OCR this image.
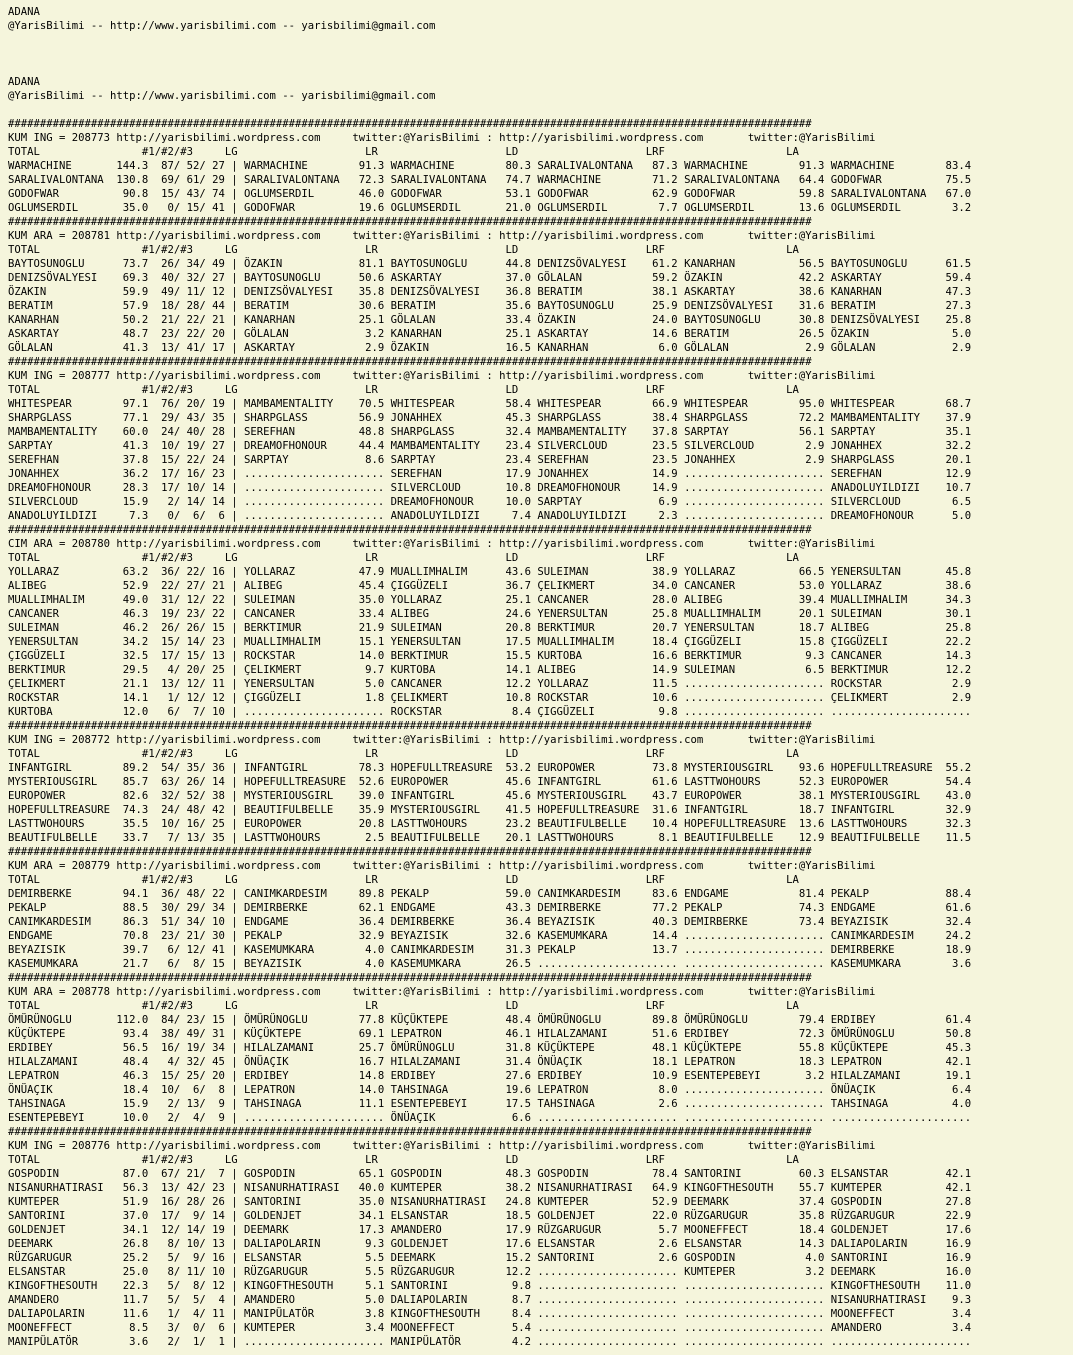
ADANA
@YarisBilimi -- http://www.yarisbilimi.com -- yarisbilimi@gmail.com

ADANA
@YarisBilimi -- http://www.yarisbilimi.com -- yarisbilimi@gmail.com

##############################################################################################################################
KUM ING = 208773 http://yarisbilimi.wordpress.com     twitter:@YarisBilimi : http://yarisbilimi.wordpress.com       twitter:@YarisBilimi
TOTAL                #1/#2/#3     LG                    LR                    LD                    LRF                   LA
WARMACHINE       144.3  87/ 52/ 27 | WARMACHINE        91.3 WARMACHINE        80.3 SARALIVALONTANA   87.3 WARMACHINE        91.3 WARMACHINE        83.4
SARALIVALONTANA  130.8  69/ 61/ 29 | SARALIVALONTANA   72.3 SARALIVALONTANA   74.7 WARMACHINE        71.2 SARALIVALONTANA   64.4 GODOFWAR          75.5
GODOFWAR          90.8  15/ 43/ 74 | OGLUMSERDIL       46.0 GODOFWAR          53.1 GODOFWAR          62.9 GODOFWAR          59.8 SARALIVALONTANA   67.0
OGLUMSERDIL       35.0   0/ 15/ 41 | GODOFWAR          19.6 OGLUMSERDIL       21.0 OGLUMSERDIL        7.7 OGLUMSERDIL       13.6 OGLUMSERDIL        3.2
##############################################################################################################################
KUM ARA = 208781 http://yarisbilimi.wordpress.com     twitter:@YarisBilimi : http://yarisbilimi.wordpress.com       twitter:@YarisBilimi
TOTAL                #1/#2/#3     LG                    LR                    LD                    LRF                   LA
BAYTOSUNOGLU      73.7  26/ 34/ 49 | ÖZAKIN            81.1 BAYTOSUNOGLU      44.8 DENIZSÖVALYESI    61.2 KANARHAN          56.5 BAYTOSUNOGLU      61.5
DENIZSÖVALYESI    69.3  40/ 32/ 27 | BAYTOSUNOGLU      50.6 ASKARTAY          37.0 GÖLALAN           59.2 ÖZAKIN            42.2 ASKARTAY          59.4
ÖZAKIN            59.9  49/ 11/ 12 | DENIZSÖVALYESI    35.8 DENIZSÖVALYESI    36.8 BERATIM           38.1 ASKARTAY          38.6 KANARHAN          47.3
BERATIM           57.9  18/ 28/ 44 | BERATIM           30.6 BERATIM           35.6 BAYTOSUNOGLU      25.9 DENIZSÖVALYESI    31.6 BERATIM           27.3
KANARHAN          50.2  21/ 22/ 21 | KANARHAN          25.1 GÖLALAN           33.4 ÖZAKIN            24.0 BAYTOSUNOGLU      30.8 DENIZSÖVALYESI    25.8
ASKARTAY          48.7  23/ 22/ 20 | GÖLALAN            3.2 KANARHAN          25.1 ASKARTAY          14.6 BERATIM           26.5 ÖZAKIN             5.0
GÖLALAN           41.3  13/ 41/ 17 | ASKARTAY           2.9 ÖZAKIN            16.5 KANARHAN           6.0 GÖLALAN            2.9 GÖLALAN            2.9
##############################################################################################################################
KUM ING = 208777 http://yarisbilimi.wordpress.com     twitter:@YarisBilimi : http://yarisbilimi.wordpress.com       twitter:@YarisBilimi
TOTAL                #1/#2/#3     LG                    LR                    LD                    LRF                   LA
WHITESPEAR        97.1  76/ 20/ 19 | MAMBAMENTALITY    70.5 WHITESPEAR        58.4 WHITESPEAR        66.9 WHITESPEAR        95.0 WHITESPEAR        68.7
SHARPGLASS        77.1  29/ 43/ 35 | SHARPGLASS        56.9 JONAHHEX          45.3 SHARPGLASS        38.4 SHARPGLASS        72.2 MAMBAMENTALITY    37.9
MAMBAMENTALITY    60.0  24/ 40/ 28 | SEREFHAN          48.8 SHARPGLASS        32.4 MAMBAMENTALITY    37.8 SARPTAY           56.1 SARPTAY           35.1
SARPTAY           41.3  10/ 19/ 27 | DREAMOFHONOUR     44.4 MAMBAMENTALITY    23.4 SILVERCLOUD       23.5 SILVERCLOUD        2.9 JONAHHEX          32.2
SEREFHAN          37.8  15/ 22/ 24 | SARPTAY            8.6 SARPTAY           23.4 SEREFHAN          23.5 JONAHHEX           2.9 SHARPGLASS        20.1
JONAHHEX          36.2  17/ 16/ 23 | ...................... SEREFHAN          17.9 JONAHHEX          14.9 ...................... SEREFHAN          12.9
DREAMOFHONOUR     28.3  17/ 10/ 14 | ...................... SILVERCLOUD       10.8 DREAMOFHONOUR     14.9 ...................... ANADOLUYILDIZI    10.7
SILVERCLOUD       15.9   2/ 14/ 14 | ...................... DREAMOFHONOUR     10.0 SARPTAY            6.9 ...................... SILVERCLOUD        6.5
ANADOLUYILDIZI     7.3   0/  6/  6 | ...................... ANADOLUYILDIZI     7.4 ANADOLUYILDIZI     2.3 ...................... DREAMOFHONOUR      5.0
##############################################################################################################################
CIM ARA = 208780 http://yarisbilimi.wordpress.com     twitter:@YarisBilimi : http://yarisbilimi.wordpress.com       twitter:@YarisBilimi
TOTAL                #1/#2/#3     LG                    LR                    LD                    LRF                   LA
YOLLARAZ          63.2  36/ 22/ 16 | YOLLARAZ          47.9 MUALLIMHALIM      43.6 SULEIMAN          38.9 YOLLARAZ          66.5 YENERSULTAN       45.8
ALIBEG            52.9  22/ 27/ 21 | ALIBEG            45.4 ÇIGGÜZELI         36.7 ÇELIKMERT         34.0 CANCANER          53.0 YOLLARAZ          38.6
MUALLIMHALIM      49.0  31/ 12/ 22 | SULEIMAN          35.0 YOLLARAZ          25.1 CANCANER          28.0 ALIBEG            39.4 MUALLIMHALIM      34.3
CANCANER          46.3  19/ 23/ 22 | CANCANER          33.4 ALIBEG            24.6 YENERSULTAN       25.8 MUALLIMHALIM      20.1 SULEIMAN          30.1
SULEIMAN          46.2  26/ 26/ 15 | BERKTIMUR         21.9 SULEIMAN          20.8 BERKTIMUR         20.7 YENERSULTAN       18.7 ALIBEG            25.8
YENERSULTAN       34.2  15/ 14/ 23 | MUALLIMHALIM      15.1 YENERSULTAN       17.5 MUALLIMHALIM      18.4 ÇIGGÜZELI         15.8 ÇIGGÜZELI         22.2
ÇIGGÜZELI         32.5  17/ 15/ 13 | ROCKSTAR          14.0 BERKTIMUR         15.5 KURTOBA           16.6 BERKTIMUR          9.3 CANCANER          14.3
BERKTIMUR         29.5   4/ 20/ 25 | ÇELIKMERT          9.7 KURTOBA           14.1 ALIBEG            14.9 SULEIMAN           6.5 BERKTIMUR         12.2
ÇELIKMERT         21.1  13/ 12/ 11 | YENERSULTAN        5.0 CANCANER          12.2 YOLLARAZ          11.5 ...................... ROCKSTAR           2.9
ROCKSTAR          14.1   1/ 12/ 12 | ÇIGGÜZELI          1.8 ÇELIKMERT         10.8 ROCKSTAR          10.6 ...................... ÇELIKMERT          2.9
KURTOBA           12.0   6/  7/ 10 | ...................... ROCKSTAR           8.4 ÇIGGÜZELI          9.8 ...................... ......................
##############################################################################################################################
KUM ING = 208772 http://yarisbilimi.wordpress.com     twitter:@YarisBilimi : http://yarisbilimi.wordpress.com       twitter:@YarisBilimi
TOTAL                #1/#2/#3     LG                    LR                    LD                    LRF                   LA
INFANTGIRL        89.2  54/ 35/ 36 | INFANTGIRL        78.3 HOPEFULLTREASURE  53.2 EUROPOWER         73.8 MYSTERIOUSGIRL    93.6 HOPEFULLTREASURE  55.2
MYSTERIOUSGIRL    85.7  63/ 26/ 14 | HOPEFULLTREASURE  52.6 EUROPOWER         45.6 INFANTGIRL        61.6 LASTTWOHOURS      52.3 EUROPOWER         54.4
EUROPOWER         82.6  32/ 52/ 38 | MYSTERIOUSGIRL    39.0 INFANTGIRL        45.6 MYSTERIOUSGIRL    43.7 EUROPOWER         38.1 MYSTERIOUSGIRL    43.0
HOPEFULLTREASURE  74.3  24/ 48/ 42 | BEAUTIFULBELLE    35.9 MYSTERIOUSGIRL    41.5 HOPEFULLTREASURE  31.6 INFANTGIRL        18.7 INFANTGIRL        32.9
LASTTWOHOURS      35.5  10/ 16/ 25 | EUROPOWER         20.8 LASTTWOHOURS      23.2 BEAUTIFULBELLE    10.4 HOPEFULLTREASURE  13.6 LASTTWOHOURS      32.3
BEAUTIFULBELLE    33.7   7/ 13/ 35 | LASTTWOHOURS       2.5 BEAUTIFULBELLE    20.1 LASTTWOHOURS       8.1 BEAUTIFULBELLE    12.9 BEAUTIFULBELLE    11.5
##############################################################################################################################
KUM ARA = 208779 http://yarisbilimi.wordpress.com     twitter:@YarisBilimi : http://yarisbilimi.wordpress.com       twitter:@YarisBilimi
TOTAL                #1/#2/#3     LG                    LR                    LD                    LRF                   LA
DEMIRBERKE        94.1  36/ 48/ 22 | CANIMKARDESIM     89.8 PEKALP            59.0 CANIMKARDESIM     83.6 ENDGAME           81.4 PEKALP            88.4
PEKALP            88.5  30/ 29/ 34 | DEMIRBERKE        62.1 ENDGAME           43.3 DEMIRBERKE        77.2 PEKALP            74.3 ENDGAME           61.6
CANIMKARDESIM     86.3  51/ 34/ 10 | ENDGAME           36.4 DEMIRBERKE        36.4 BEYAZISIK         40.3 DEMIRBERKE        73.4 BEYAZISIK         32.4
ENDGAME           70.8  23/ 21/ 30 | PEKALP            32.9 BEYAZISIK         32.6 KASEMUMKARA       14.4 ...................... CANIMKARDESIM     24.2
BEYAZISIK         39.7   6/ 12/ 41 | KASEMUMKARA        4.0 CANIMKARDESIM     31.3 PEKALP            13.7 ...................... DEMIRBERKE        18.9
KASEMUMKARA       21.7   6/  8/ 15 | BEYAZISIK          4.0 KASEMUMKARA       26.5 ...................... ...................... KASEMUMKARA        3.6
##############################################################################################################################
KUM ARA = 208778 http://yarisbilimi.wordpress.com     twitter:@YarisBilimi : http://yarisbilimi.wordpress.com       twitter:@YarisBilimi
TOTAL                #1/#2/#3     LG                    LR                    LD                    LRF                   LA
ÖMÜRÜNOGLU       112.0  84/ 23/ 15 | ÖMÜRÜNOGLU        77.8 KÜÇÜKTEPE         48.4 ÖMÜRÜNOGLU        89.8 ÖMÜRÜNOGLU        79.4 ERDIBEY           61.4
KÜÇÜKTEPE         93.4  38/ 49/ 31 | KÜÇÜKTEPE         69.1 LEPATRON          46.1 HILALZAMANI       51.6 ERDIBEY           72.3 ÖMÜRÜNOGLU        50.8
ERDIBEY           56.5  16/ 19/ 34 | HILALZAMANI       25.7 ÖMÜRÜNOGLU        31.8 KÜÇÜKTEPE         48.1 KÜÇÜKTEPE         55.8 KÜÇÜKTEPE         45.3
HILALZAMANI       48.4   4/ 32/ 45 | ÖNÜAÇIK           16.7 HILALZAMANI       31.4 ÖNÜAÇIK           18.1 LEPATRON          18.3 LEPATRON          42.1
LEPATRON          46.3  15/ 25/ 20 | ERDIBEY           14.8 ERDIBEY           27.6 ERDIBEY           10.9 ESENTEPEBEYI       3.2 HILALZAMANI       19.1
ÖNÜAÇIK           18.4  10/  6/  8 | LEPATRON          14.0 TAHSINAGA         19.6 LEPATRON           8.0 ...................... ÖNÜAÇIK            6.4
TAHSINAGA         15.9   2/ 13/  9 | TAHSINAGA         11.1 ESENTEPEBEYI      17.5 TAHSINAGA          2.6 ...................... TAHSINAGA          4.0
ESENTEPEBEYI      10.0   2/  4/  9 | ...................... ÖNÜAÇIK            6.6 ...................... ...................... ......................
##############################################################################################################################
KUM ING = 208776 http://yarisbilimi.wordpress.com     twitter:@YarisBilimi : http://yarisbilimi.wordpress.com       twitter:@YarisBilimi
TOTAL                #1/#2/#3     LG                    LR                    LD                    LRF                   LA
GOSPODIN          87.0  67/ 21/  7 | GOSPODIN          65.1 GOSPODIN          48.3 GOSPODIN          78.4 SANTORINI         60.3 ELSANSTAR         42.1
NISANURHATIRASI   56.3  13/ 42/ 23 | NISANURHATIRASI   40.0 KUMTEPER          38.2 NISANURHATIRASI   64.9 KINGOFTHESOUTH    55.7 KUMTEPER          42.1
KUMTEPER          51.9  16/ 28/ 26 | SANTORINI         35.0 NISANURHATIRASI   24.8 KUMTEPER          52.9 DEEMARK           37.4 GOSPODIN          27.8
SANTORINI         37.0  17/  9/ 14 | GOLDENJET         34.1 ELSANSTAR         18.5 GOLDENJET         22.0 RÜZGARUGUR        35.8 RÜZGARUGUR        22.9
GOLDENJET         34.1  12/ 14/ 19 | DEEMARK           17.3 AMANDERO          17.9 RÜZGARUGUR         5.7 MOONEFFECT        18.4 GOLDENJET         17.6
DEEMARK           26.8   8/ 10/ 13 | DALIAPOLARIN       9.3 GOLDENJET         17.6 ELSANSTAR          2.6 ELSANSTAR         14.3 DALIAPOLARIN      16.9
RÜZGARUGUR        25.2   5/  9/ 16 | ELSANSTAR          5.5 DEEMARK           15.2 SANTORINI          2.6 GOSPODIN           4.0 SANTORINI         16.9
ELSANSTAR         25.0   8/ 11/ 10 | RÜZGARUGUR         5.5 RÜZGARUGUR        12.2 ...................... KUMTEPER           3.2 DEEMARK           16.0
KINGOFTHESOUTH    22.3   5/  8/ 12 | KINGOFTHESOUTH     5.1 SANTORINI          9.8 ...................... ...................... KINGOFTHESOUTH    11.0
AMANDERO          11.7   5/  5/  4 | AMANDERO           5.0 DALIAPOLARIN       8.7 ...................... ...................... NISANURHATIRASI    9.3
DALIAPOLARIN      11.6   1/  4/ 11 | MANIPÜLATÖR        3.8 KINGOFTHESOUTH     8.4 ...................... ...................... MOONEFFECT         3.4
MOONEFFECT         8.5   3/  0/  6 | KUMTEPER           3.4 MOONEFFECT         5.4 ...................... ...................... AMANDERO           3.4
MANIPÜLATÖR        3.6   2/  1/  1 | ...................... MANIPÜLATÖR        4.2 ...................... ...................... ......................
